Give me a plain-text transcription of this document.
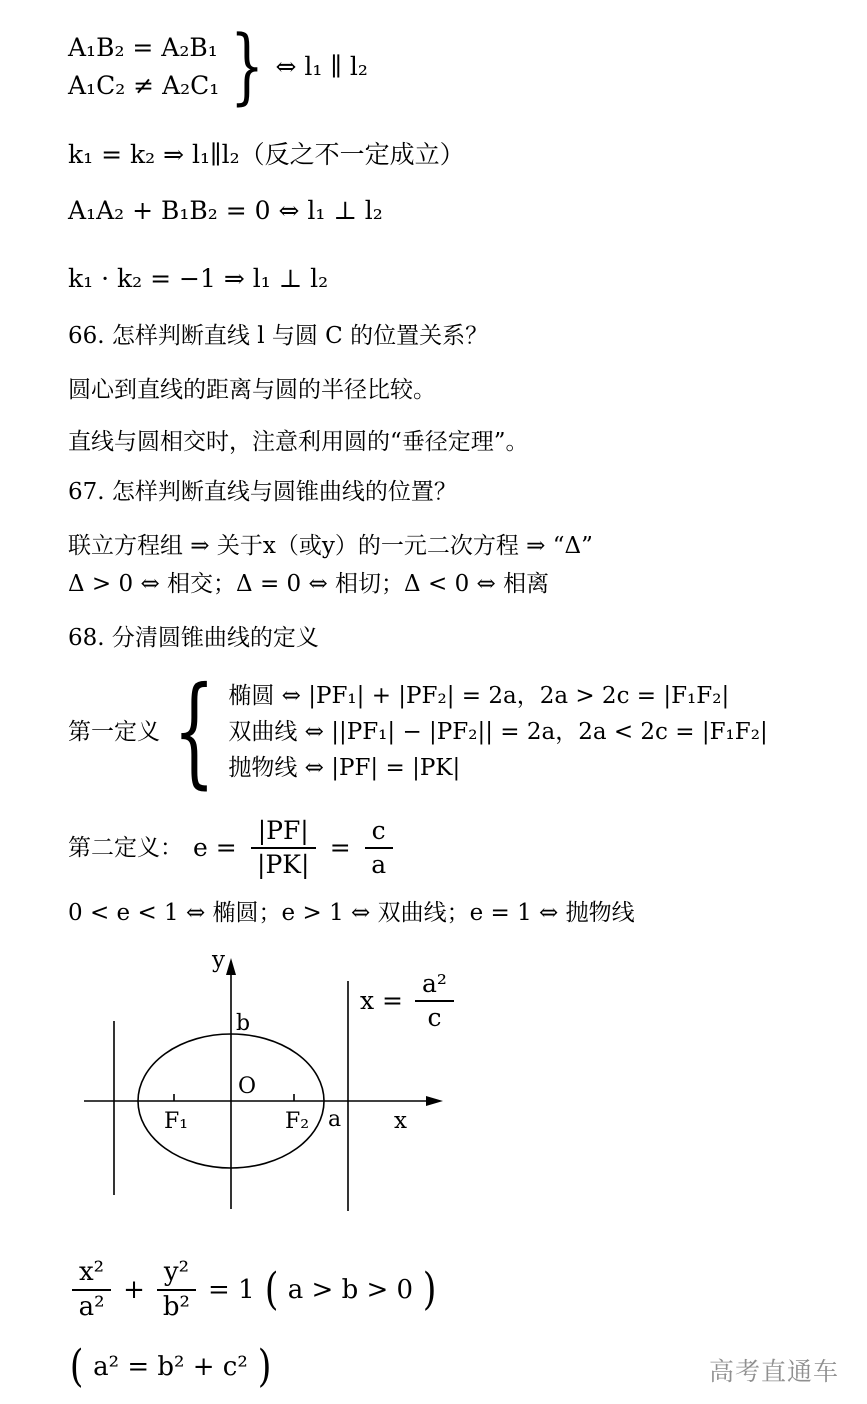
A₁B₂ = A₂B₁
A₁C₂ ≠ A₂C₁ } ⇔ l₁ ∥ l₂
k₁ = k₂ ⇒ l₁∥l₂（反之不一定成立）
A₁A₂ + B₁B₂ = 0 ⇔ l₁ ⊥ l₂
k₁ · k₂ = −1 ⇒ l₁ ⊥ l₂
66. 怎样判断直线 l 与圆 C 的位置关系？
圆心到直线的距离与圆的半径比较。
直线与圆相交时，注意利用圆的“垂径定理”。
67. 怎样判断直线与圆锥曲线的位置？
联立方程组 ⇒ 关于x（或y）的一元二次方程 ⇒ “Δ”
Δ > 0 ⇔ 相交；Δ = 0 ⇔ 相切；Δ < 0 ⇔ 相离
68. 分清圆锥曲线的定义
第一定义 { 椭圆 ⇔ |PF₁| + |PF₂| = 2a，2a > 2c = |F₁F₂|
双曲线 ⇔ ||PF₁| − |PF₂|| = 2a，2a < 2c = |F₁F₂|
抛物线 ⇔ |PF| = |PK|
第二定义： $e = \frac{|PF|}{|PK|} = \frac{c}{a}$
0 < e < 1 ⇔ 椭圆；e > 1 ⇔ 双曲线；e = 1 ⇔ 抛物线
y
b
O
F₁	F₂ a x
$x = \frac{\text{a²}}{c}$
$\frac{\text{x²}}{\text{a²}} + \frac{\text{y²}}{\text{b²}} = 1$ ( a > b > 0 )
( a² = b² + c² )	高考直通车
